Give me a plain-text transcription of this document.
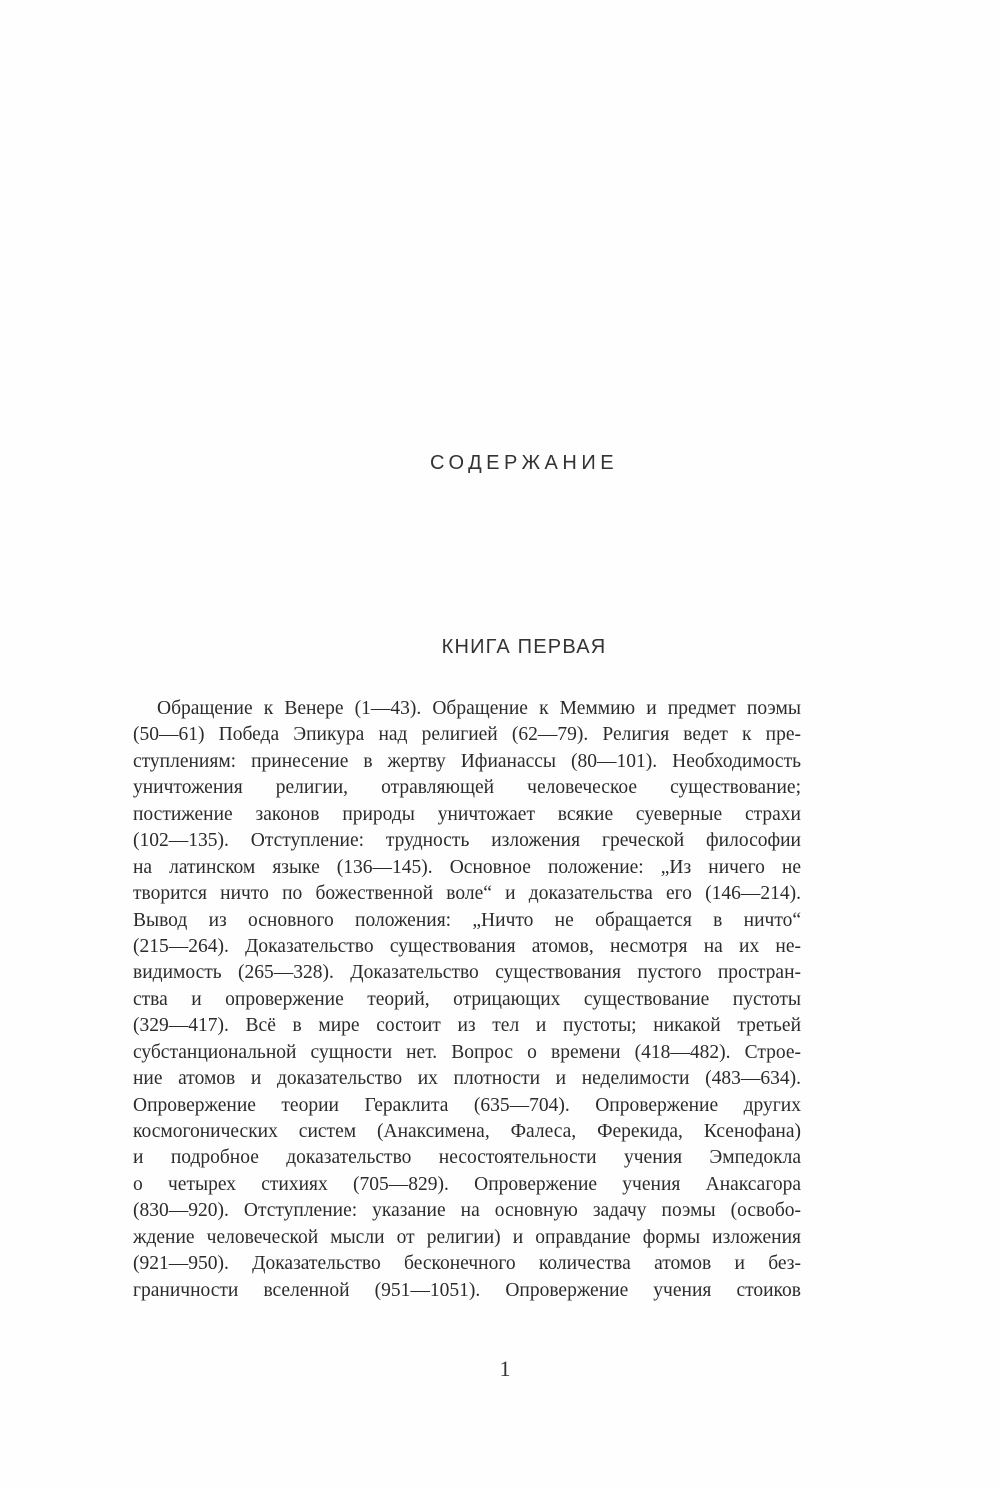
СОДЕРЖАНИЕ
КНИГА ПЕРВАЯ
Обращение к Венере (1—43). Обращение к Меммию и предмет поэмы
(50—61) Победа Эпикура над религией (62—79). Религия ведет к пре-
ступлениям: принесение в жертву Ифианассы (80—101). Необходимость
уничтожения религии, отравляющей человеческое существование;
постижение законов природы уничтожает всякие суеверные страхи
(102—135). Отступление: трудность изложения греческой философии
на латинском языке (136—145). Основное положение: „Из ничего не
творится ничто по божественной воле“ и доказательства его (146—214).
Вывод из основного положения: „Ничто не обращается в ничто“
(215—264). Доказательство существования атомов, несмотря на их не-
видимость (265—328). Доказательство существования пустого простран-
ства и опровержение теорий, отрицающих существование пустоты
(329—417). Всё в мире состоит из тел и пустоты; никакой третьей
субстанциональной сущности нет. Вопрос о времени (418—482). Строе-
ние атомов и доказательство их плотности и неделимости (483—634).
Опровержение теории Гераклита (635—704). Опровержение других
космогонических систем (Анаксимена, Фалеса, Ферекида, Ксенофана)
и подробное доказательство несостоятельности учения Эмпедокла
о четырех стихиях (705—829). Опровержение учения Анаксагора
(830—920). Отступление: указание на основную задачу поэмы (освобо-
ждение человеческой мысли от религии) и оправдание формы изложения
(921—950). Доказательство бесконечного количества атомов и без-
граничности вселенной (951—1051). Опровержение учения стоиков
1
